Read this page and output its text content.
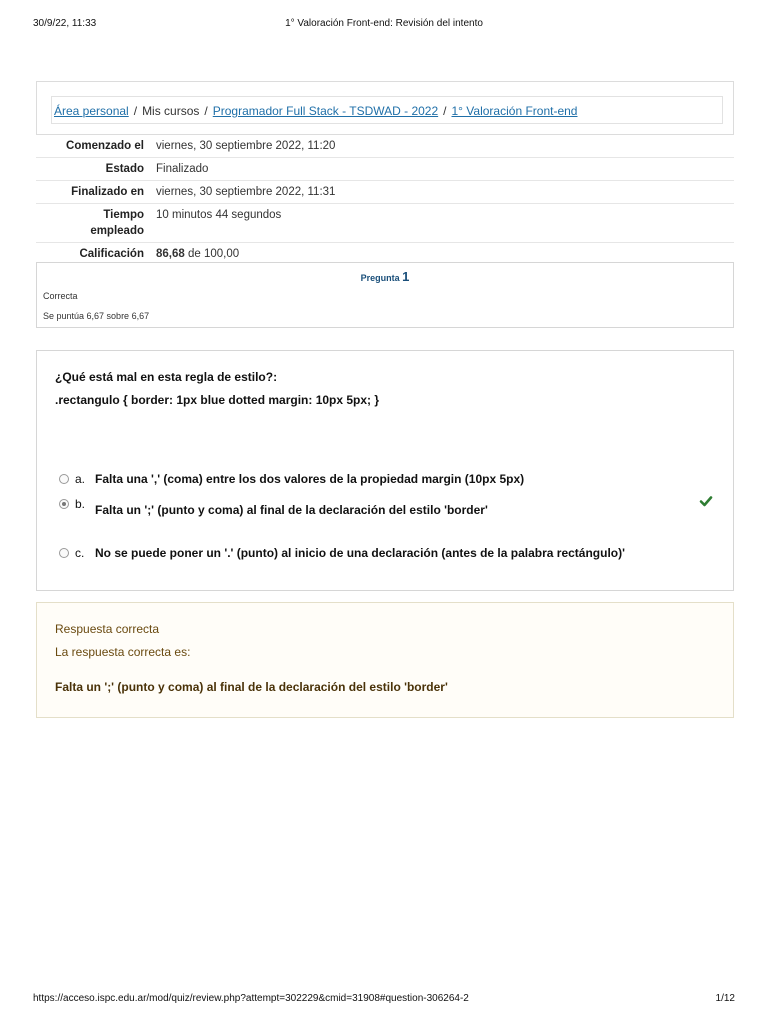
30/9/22, 11:33	1° Valoración Front-end: Revisión del intento
Área personal / Mis cursos / Programador Full Stack - TSDWAD - 2022 / 1° Valoración Front-end
Comenzado el	viernes, 30 septiembre 2022, 11:20
Estado	Finalizado
Finalizado en	viernes, 30 septiembre 2022, 11:31
Tiempo
empleado	10 minutos 44 segundos
Calificación	86,68 de 100,00
Pregunta 1
Correcta
Se puntúa 6,67 sobre 6,67
¿Qué está mal en esta regla de estilo?:
.rectangulo { border: 1px blue dotted margin: 10px 5px; }
a. Falta una ',' (coma) entre los dos valores de la propiedad margin (10px 5px)
b. Falta un ';' (punto y coma) al final de la declaración del estilo 'border'
c. No se puede poner un '.' (punto) al inicio de una declaración (antes de la palabra rectángulo)'
Respuesta correcta
La respuesta correcta es:
Falta un ';' (punto y coma) al final de la declaración del estilo 'border'
https://acceso.ispc.edu.ar/mod/quiz/review.php?attempt=302229&cmid=31908#question-306264-2	1/12
